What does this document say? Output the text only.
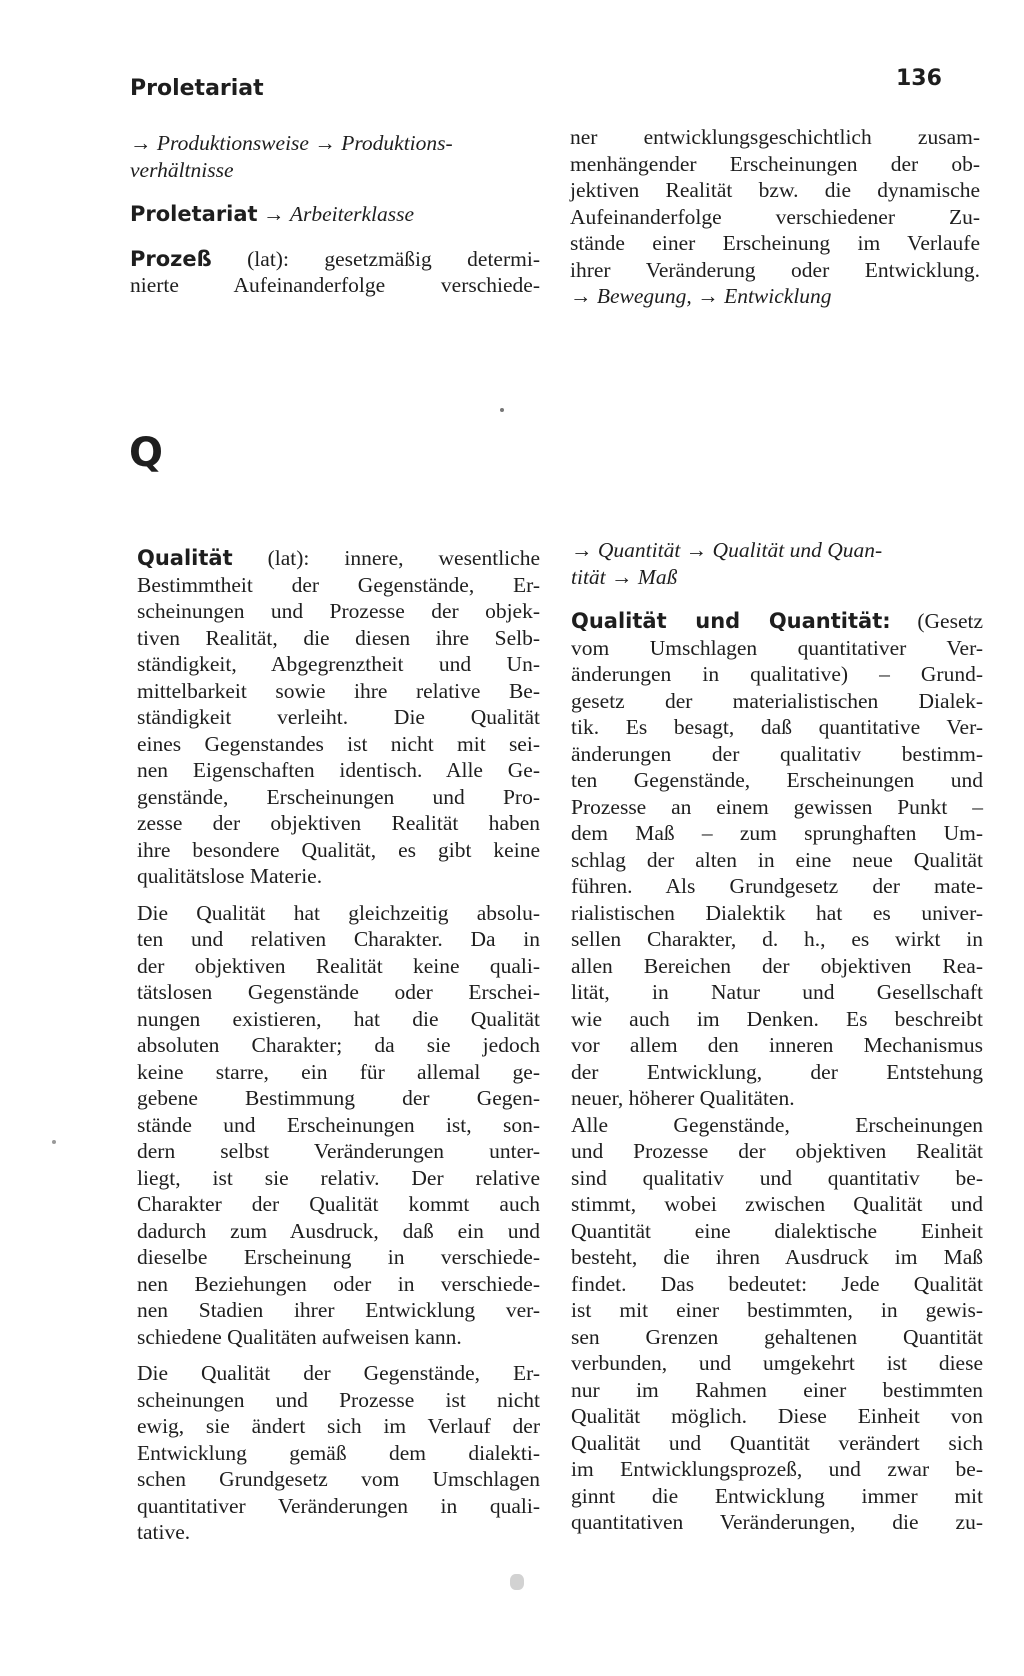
Proletariat	136

→ Produktionsweise → Produktions-
verhältnisse

Proletariat → Arbeiterklasse

Prozeß (lat): gesetzmäßig determi-
nierte Aufeinanderfolge verschiede-

ner entwicklungsgeschichtlich zusam-
menhängender Erscheinungen der ob-
jektiven Realität bzw. die dynamische
Aufeinanderfolge verschiedener Zu-
stände einer Erscheinung im Verlaufe
ihrer Veränderung oder Entwicklung.
→ Bewegung, → Entwicklung

Q

Qualität (lat): innere, wesentliche
Bestimmtheit der Gegenstände, Er-
scheinungen und Prozesse der objek-
tiven Realität, die diesen ihre Selb-
ständigkeit, Abgegrenztheit und Un-
mittelbarkeit sowie ihre relative Be-
ständigkeit verleiht. Die Qualität
eines Gegenstandes ist nicht mit sei-
nen Eigenschaften identisch. Alle Ge-
genstände, Erscheinungen und Pro-
zesse der objektiven Realität haben
ihre besondere Qualität, es gibt keine
qualitätslose Materie.

Die Qualität hat gleichzeitig absolu-
ten und relativen Charakter. Da in
der objektiven Realität keine quali-
tätslosen Gegenstände oder Erschei-
nungen existieren, hat die Qualität
absoluten Charakter; da sie jedoch
keine starre, ein für allemal ge-
gebene Bestimmung der Gegen-
stände und Erscheinungen ist, son-
dern selbst Veränderungen unter-
liegt, ist sie relativ. Der relative
Charakter der Qualität kommt auch
dadurch zum Ausdruck, daß ein und
dieselbe Erscheinung in verschiede-
nen Beziehungen oder in verschiede-
nen Stadien ihrer Entwicklung ver-
schiedene Qualitäten aufweisen kann.

Die Qualität der Gegenstände, Er-
scheinungen und Prozesse ist nicht
ewig, sie ändert sich im Verlauf der
Entwicklung gemäß dem dialekti-
schen Grundgesetz vom Umschlagen
quantitativer Veränderungen in quali-
tative.

→ Quantität → Qualität und Quan-
tität → Maß

Qualität und Quantität: (Gesetz
vom Umschlagen quantitativer Ver-
änderungen in qualitative) – Grund-
gesetz der materialistischen Dialek-
tik. Es besagt, daß quantitative Ver-
änderungen der qualitativ bestimm-
ten Gegenstände, Erscheinungen und
Prozesse an einem gewissen Punkt –
dem Maß – zum sprunghaften Um-
schlag der alten in eine neue Qualität
führen. Als Grundgesetz der mate-
rialistischen Dialektik hat es univer-
sellen Charakter, d. h., es wirkt in
allen Bereichen der objektiven Rea-
lität, in Natur und Gesellschaft
wie auch im Denken. Es beschreibt
vor allem den inneren Mechanismus
der Entwicklung, der Entstehung
neuer, höherer Qualitäten.

Alle Gegenstände, Erscheinungen
und Prozesse der objektiven Realität
sind qualitativ und quantitativ be-
stimmt, wobei zwischen Qualität und
Quantität eine dialektische Einheit
besteht, die ihren Ausdruck im Maß
findet. Das bedeutet: Jede Qualität
ist mit einer bestimmten, in gewis-
sen Grenzen gehaltenen Quantität
verbunden, und umgekehrt ist diese
nur im Rahmen einer bestimmten
Qualität möglich. Diese Einheit von
Qualität und Quantität verändert sich
im Entwicklungsprozeß, und zwar be-
ginnt die Entwicklung immer mit
quantitativen Veränderungen, die zu-
